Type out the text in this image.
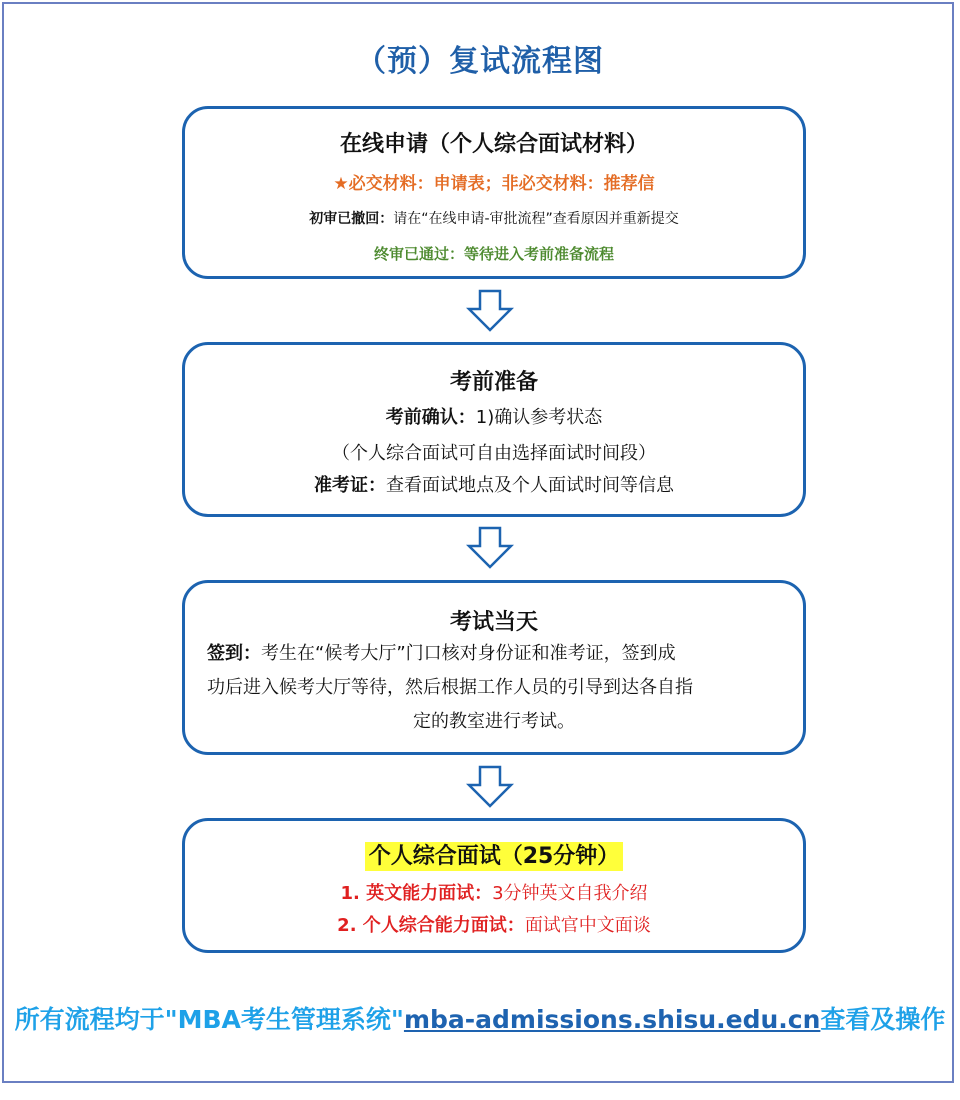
（预）复试流程图
在线申请（个人综合面试材料）
★必交材料：申请表；非必交材料：推荐信
初审已撤回：请在“在线申请-审批流程”查看原因并重新提交
终审已通过：等待进入考前准备流程
考前准备
考前确认：1)确认参考状态
（个人综合面试可自由选择面试时间段）
准考证：查看面试地点及个人面试时间等信息
考试当天
签到：考生在“候考大厅”门口核对身份证和准考证，签到成
功后进入候考大厅等待，然后根据工作人员的引导到达各自指
定的教室进行考试。
个人综合面试（25分钟）
1. 英文能力面试：3分钟英文自我介绍
2. 个人综合能力面试：面试官中文面谈
所有流程均于"MBA考生管理系统"mba-admissions.shisu.edu.cn查看及操作
